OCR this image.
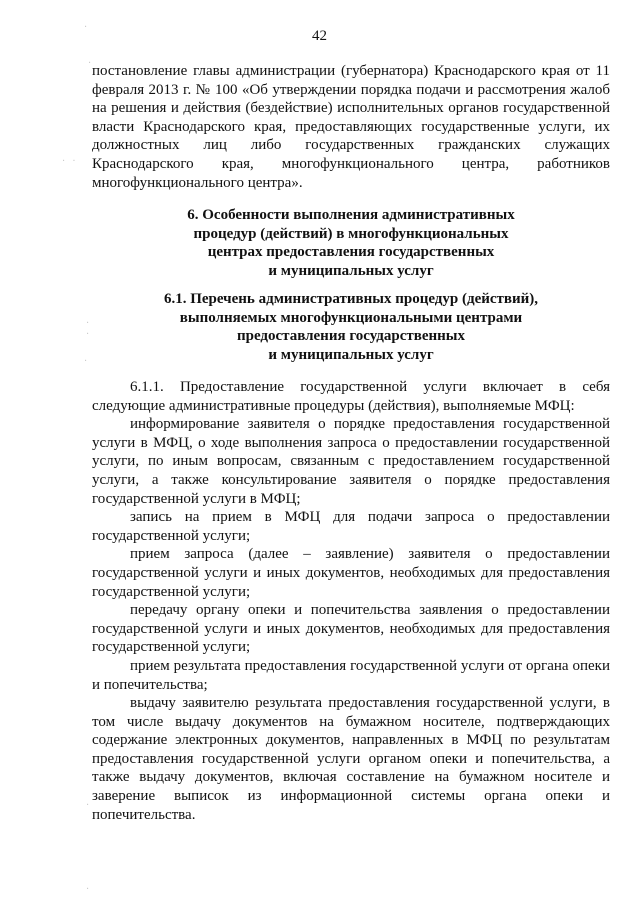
·
·
· ·
· ·
·
·
·
42

постановление главы администрации (губернатора) Краснодарского края от 11 февраля 2013 г. № 100 «Об утверждении порядка подачи и рассмотрения жалоб на решения и действия (бездействие) исполнительных органов государственной власти Краснодарского края, предоставляющих государственные услуги, их должностных лиц либо государственных гражданских служащих Краснодарского края, многофункционального центра, работников многофункционального центра».

6. Особенности выполнения административных
процедур (действий) в многофункциональных
центрах предоставления государственных
и муниципальных услуг
6.1. Перечень административных процедур (действий),
выполняемых многофункциональными центрами
предоставления государственных
и муниципальных услуг

6.1.1. Предоставление государственной услуги включает в себя следующие административные процедуры (действия), выполняемые МФЦ:

информирование заявителя о порядке предоставления государственной услуги в МФЦ, о ходе выполнения запроса о предоставлении государственной услуги, по иным вопросам, связанным с предоставлением государственной услуги, а также консультирование заявителя о порядке предоставления государственной услуги в МФЦ;

запись на прием в МФЦ для подачи запроса о предоставлении государственной услуги;

прием запроса (далее – заявление) заявителя о предоставлении государственной услуги и иных документов, необходимых для предоставления государственной услуги;

передачу органу опеки и попечительства заявления о предоставлении государственной услуги и иных документов, необходимых для предоставления государственной услуги;

прием результата предоставления государственной услуги от органа опеки и попечительства;

выдачу заявителю результата предоставления государственной услуги, в том числе выдачу документов на бумажном носителе, подтверждающих содержание электронных документов, направленных в МФЦ по результатам предоставления государственной услуги органом опеки и попечительства, а также выдачу документов, включая составление на бумажном носителе и заверение выписок из информационной системы органа опеки и попечительства.
